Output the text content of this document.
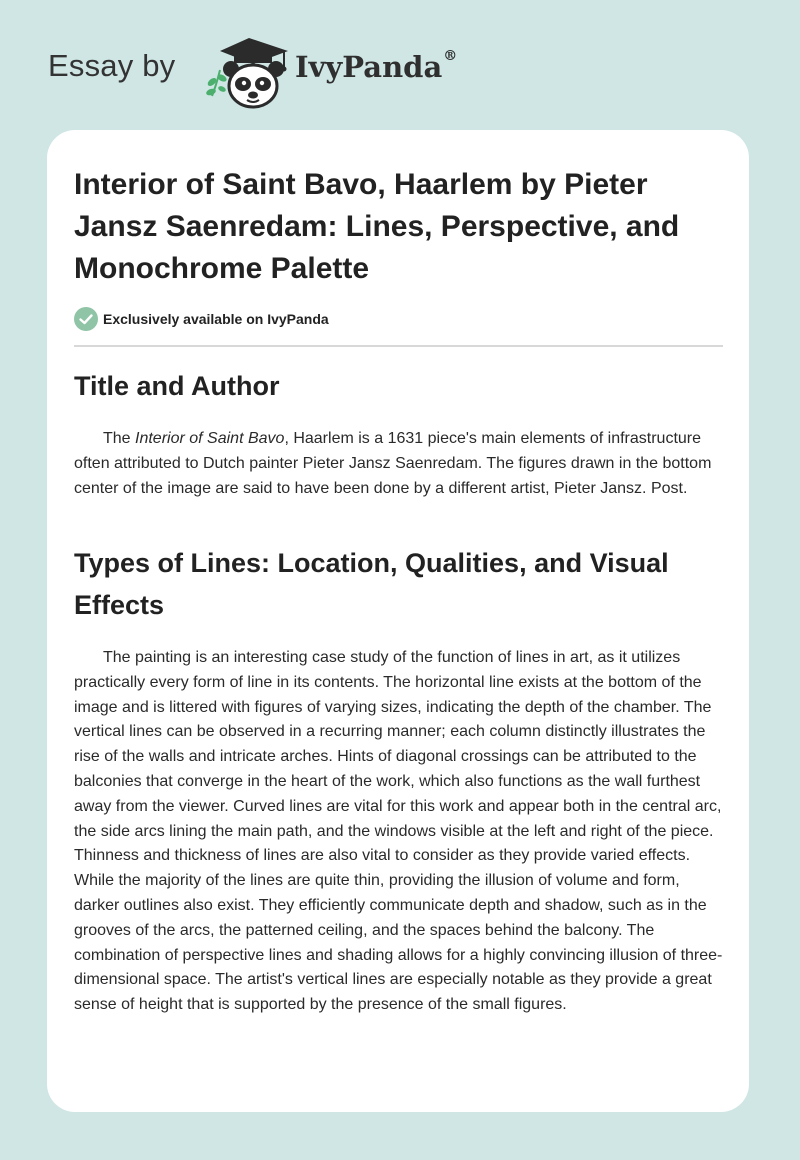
Essay by	IvyPanda®
Interior of Saint Bavo, Haarlem by Pieter Jansz Saenredam: Lines, Perspective, and Monochrome Palette
Exclusively available on IvyPanda
Title and Author

The Interior of Saint Bavo, Haarlem is a 1631 piece's main elements of infrastructure often attributed to Dutch painter Pieter Jansz Saenredam. The figures drawn in the bottom center of the image are said to have been done by a different artist, Pieter Jansz. Post.

Types of Lines: Location, Qualities, and Visual Effects

The painting is an interesting case study of the function of lines in art, as it utilizes practically every form of line in its contents. The horizontal line exists at the bottom of the image and is littered with figures of varying sizes, indicating the depth of the chamber. The vertical lines can be observed in a recurring manner; each column distinctly illustrates the rise of the walls and intricate arches. Hints of diagonal crossings can be attributed to the balconies that converge in the heart of the work, which also functions as the wall furthest away from the viewer. Curved lines are vital for this work and appear both in the central arc, the side arcs lining the main path, and the windows visible at the left and right of the piece. Thinness and thickness of lines are also vital to consider as they provide varied effects. While the majority of the lines are quite thin, providing the illusion of volume and form, darker outlines also exist. They efficiently communicate depth and shadow, such as in the grooves of the arcs, the patterned ceiling, and the spaces behind the balcony. The combination of perspective lines and shading allows for a highly convincing illusion of three-dimensional space. The artist's vertical lines are especially notable as they provide a great sense of height that is supported by the presence of the small figures.
